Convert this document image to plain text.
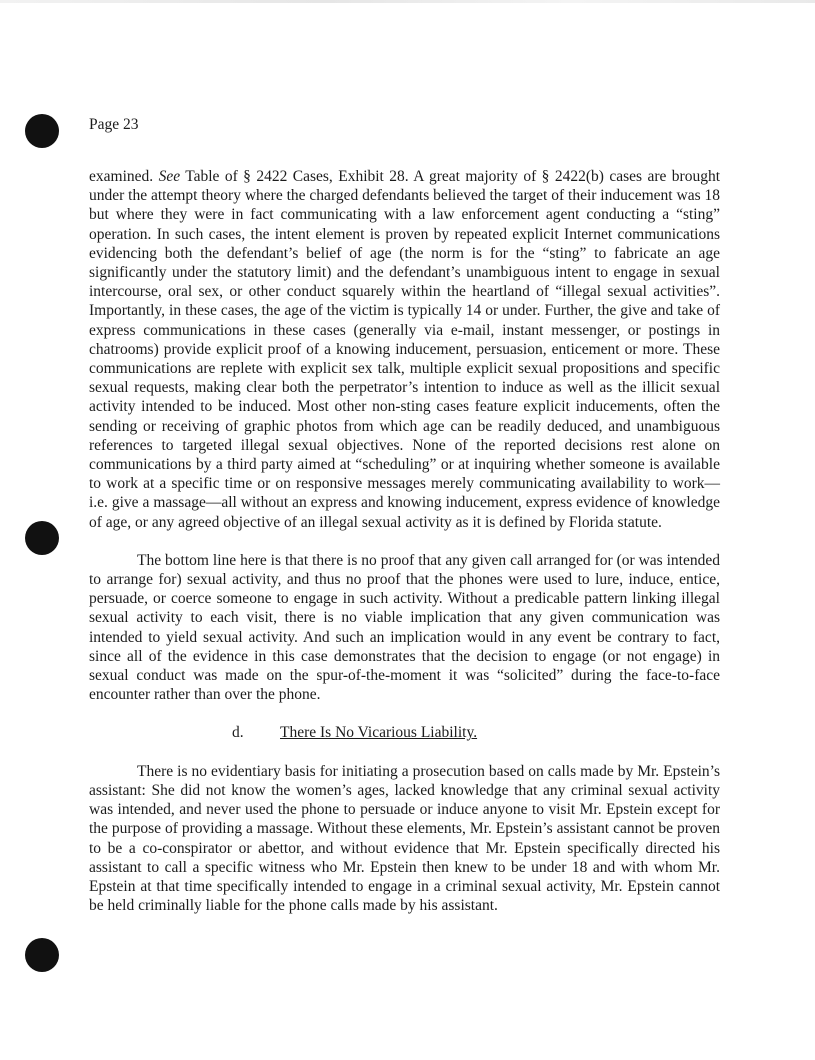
Page 23

examined. See Table of § 2422 Cases, Exhibit 28. A great majority of § 2422(b) cases are brought under the attempt theory where the charged defendants believed the target of their inducement was 18 but where they were in fact communicating with a law enforcement agent conducting a “sting” operation. In such cases, the intent element is proven by repeated explicit Internet communications evidencing both the defendant’s belief of age (the norm is for the “sting” to fabricate an age significantly under the statutory limit) and the defendant’s unambiguous intent to engage in sexual intercourse, oral sex, or other conduct squarely within the heartland of “illegal sexual activities”. Importantly, in these cases, the age of the victim is typically 14 or under. Further, the give and take of express communications in these cases (generally via e-mail, instant messenger, or postings in chatrooms) provide explicit proof of a knowing inducement, persuasion, enticement or more. These communications are replete with explicit sex talk, multiple explicit sexual propositions and specific sexual requests, making clear both the perpetrator’s intention to induce as well as the illicit sexual activity intended to be induced. Most other non-sting cases feature explicit inducements, often the sending or receiving of graphic photos from which age can be readily deduced, and unambiguous references to targeted illegal sexual objectives. None of the reported decisions rest alone on communications by a third party aimed at “scheduling” or at inquiring whether someone is available to work at a specific time or on responsive messages merely communicating availability to work—i.e. give a massage—all without an express and knowing inducement, express evidence of knowledge of age, or any agreed objective of an illegal sexual activity as it is defined by Florida statute.

The bottom line here is that there is no proof that any given call arranged for (or was intended to arrange for) sexual activity, and thus no proof that the phones were used to lure, induce, entice, persuade, or coerce someone to engage in such activity. Without a predicable pattern linking illegal sexual activity to each visit, there is no viable implication that any given communication was intended to yield sexual activity. And such an implication would in any event be contrary to fact, since all of the evidence in this case demonstrates that the decision to engage (or not engage) in sexual conduct was made on the spur-of-the-moment it was “solicited” during the face-to-face encounter rather than over the phone.

d. There Is No Vicarious Liability.

There is no evidentiary basis for initiating a prosecution based on calls made by Mr. Epstein’s assistant: She did not know the women’s ages, lacked knowledge that any criminal sexual activity was intended, and never used the phone to persuade or induce anyone to visit Mr. Epstein except for the purpose of providing a massage. Without these elements, Mr. Epstein’s assistant cannot be proven to be a co-conspirator or abettor, and without evidence that Mr. Epstein specifically directed his assistant to call a specific witness who Mr. Epstein then knew to be under 18 and with whom Mr. Epstein at that time specifically intended to engage in a criminal sexual activity, Mr. Epstein cannot be held criminally liable for the phone calls made by his assistant.
